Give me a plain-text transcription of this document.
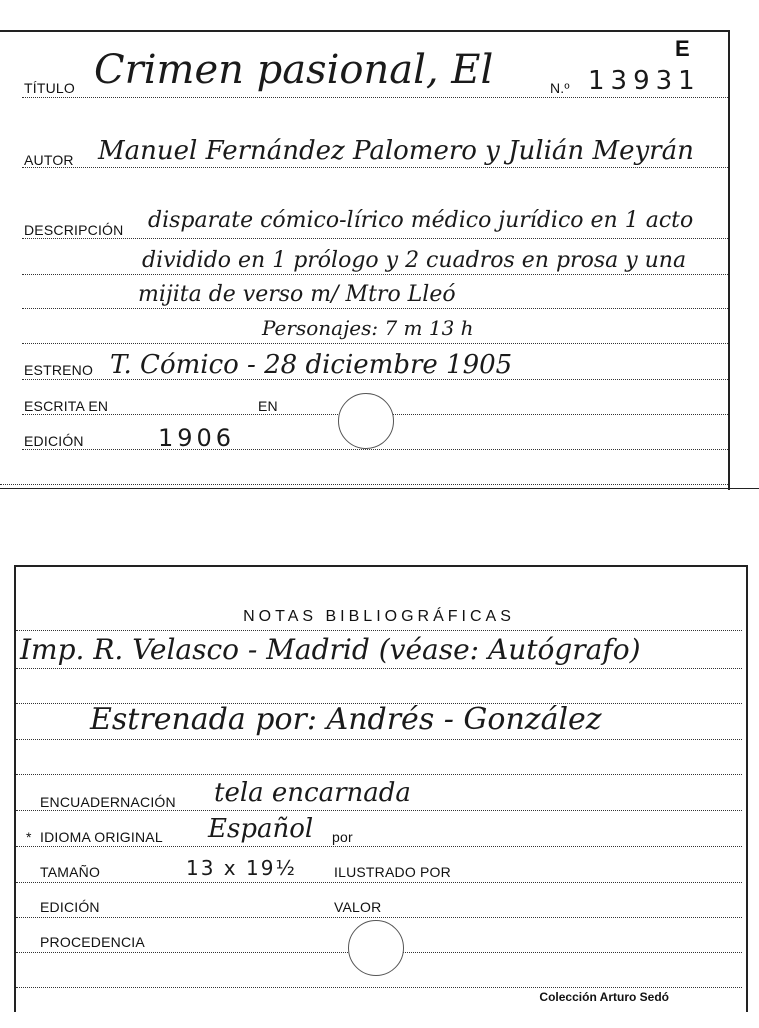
E
TÍTULO Crimen pasional, El	N.º 13931
AUTOR Manuel Fernández Palomero y Julián Meyrán
DESCRIPCIÓN disparate cómico-lírico médico jurídico en 1 acto
dividido en 1 prólogo y 2 cuadros en prosa y una
mijita de verso m/ Mtro Lleó
Personajes: 7 m 13 h
ESTRENO T. Cómico - 28 diciembre 1905
ESCRITA EN	EN
EDICIÓN	1906
NOTAS BIBLIOGRÁFICAS
Imp. R. Velasco - Madrid (véase: Autógrafo)
Estrenada por: Andrés - González
ENCUADERNACIÓN tela encarnada
* IDIOMA ORIGINAL Español por
TAMAÑO	13 x 19½	ILUSTRADO POR
EDICIÓN	VALOR
PROCEDENCIA
Colección Arturo Sedó
